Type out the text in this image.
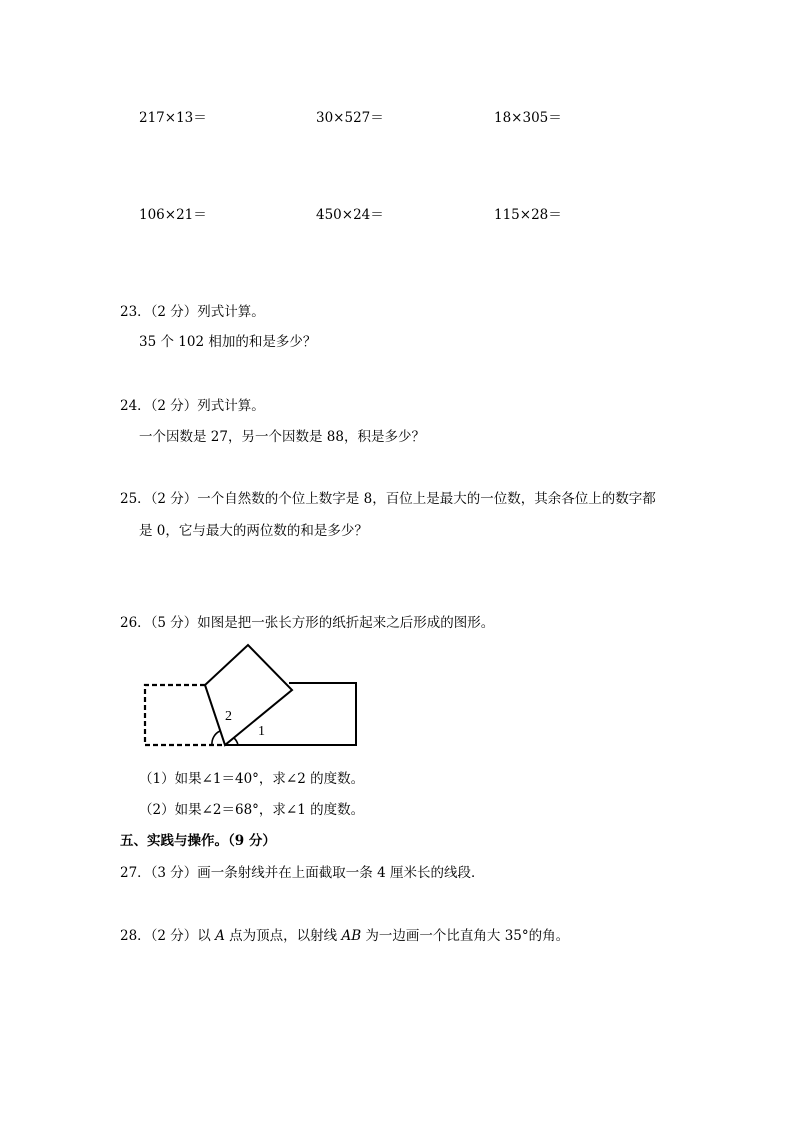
217×13＝	30×527＝	18×305＝
106×21＝	450×24＝	115×28＝
23．（2 分）列式计算。
35 个 102 相加的和是多少？
24．（2 分）列式计算。
一个因数是 27，另一个因数是 88，积是多少？
25．（2 分）一个自然数的个位上数字是 8，百位上是最大的一位数，其余各位上的数字都
是 0，它与最大的两位数的和是多少？
26．（5 分）如图是把一张长方形的纸折起来之后形成的图形。
2
1
（1）如果∠1＝40°，求∠2 的度数。
（2）如果∠2＝68°，求∠1 的度数。
五、实践与操作。（9 分）
27．（3 分）画一条射线并在上面截取一条 4 厘米长的线段．
28．（2 分）以 A 点为顶点，以射线 AB 为一边画一个比直角大 35°的角。
